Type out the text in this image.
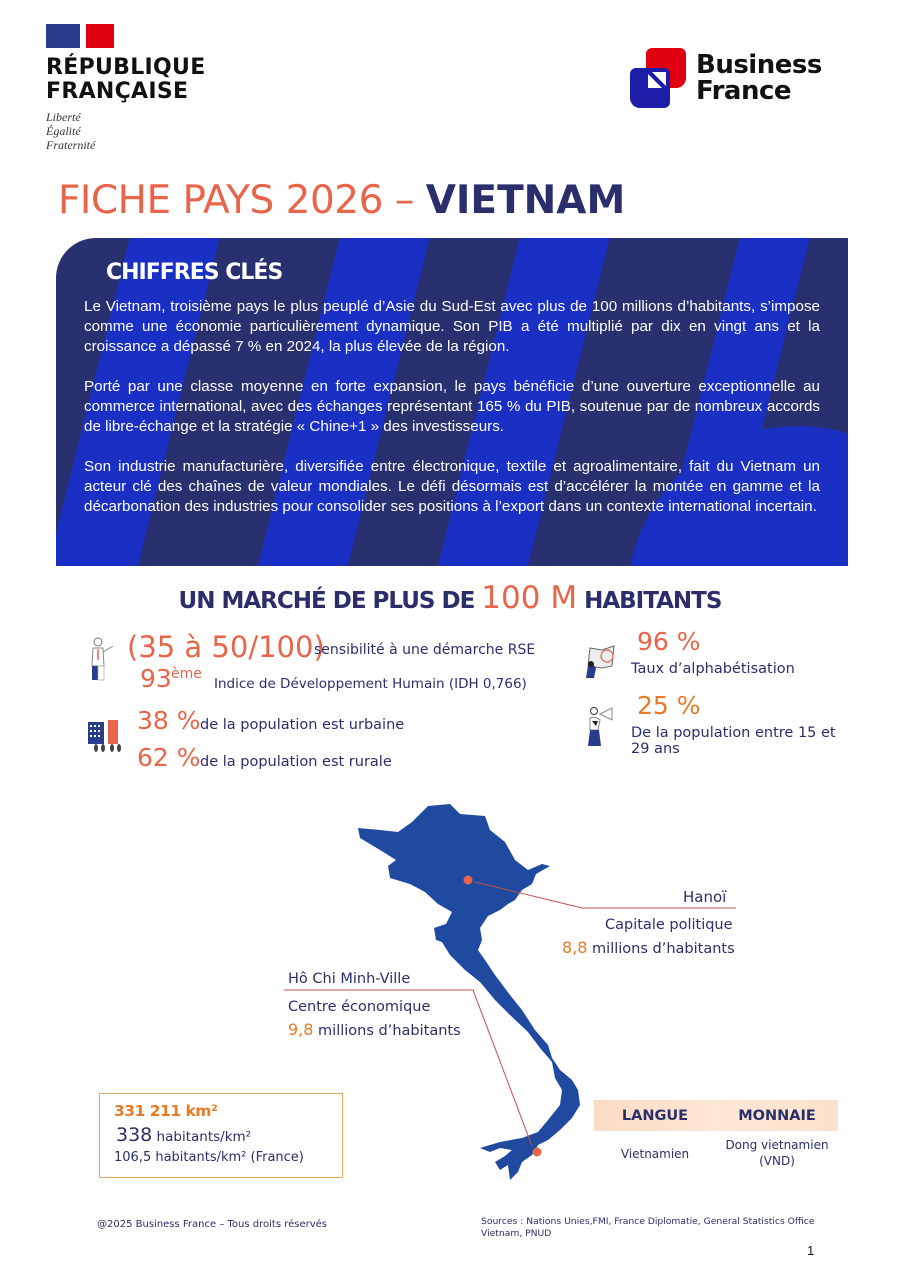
RÉPUBLIQUE
FRANÇAISE
Liberté
Égalité
Fraternité
Business
France
FICHE PAYS 2026 – VIETNAM
CHIFFRES CLÉS

Le Vietnam, troisième pays le plus peuplé d’Asie du Sud-Est avec plus de 100 millions d’habitants, s’impose comme une économie particulièrement dynamique. Son PIB a été multiplié par dix en vingt ans et la croissance a dépassé 7 % en 2024, la plus élevée de la région.

Porté par une classe moyenne en forte expansion, le pays bénéficie d’une ouverture exceptionnelle au commerce international, avec des échanges représentant 165 % du PIB, soutenue par de nombreux accords de libre-échange et la stratégie « Chine+1 » des investisseurs.

Son industrie manufacturière, diversifiée entre électronique, textile et agroalimentaire, fait du Vietnam un acteur clé des chaînes de valeur mondiales. Le défi désormais est d’accélérer la montée en gamme et la décarbonation des industries pour consolider ses positions à l’export dans un contexte international incertain.

UN MARCHÉ DE PLUS DE 100 M HABITANTS
(35 à 50/100)
sensibilité à une démarche RSE
93 ème
Indice de Développement Humain (IDH 0,766)
38 % de la population est urbaine
62 % de la population est rurale
96 %
Taux d’alphabétisation
25 %
De la population entre 15 et
29 ans
Hanoï
Capitale politique
8,8 millions d’habitants
Hô Chi Minh-Ville
Centre économique
9,8 millions d’habitants
331 211 km²
338 habitants/km²
106,5 habitants/km² (France)
LANGUE	MONNAIE
Vietnamien
Dong vietnamien (VND)
@2025 Business France – Tous droits réservés	Sources : Nations Unies,FMI, France Diplomatie, General Statistics Office Vietnam, PNUD
1
